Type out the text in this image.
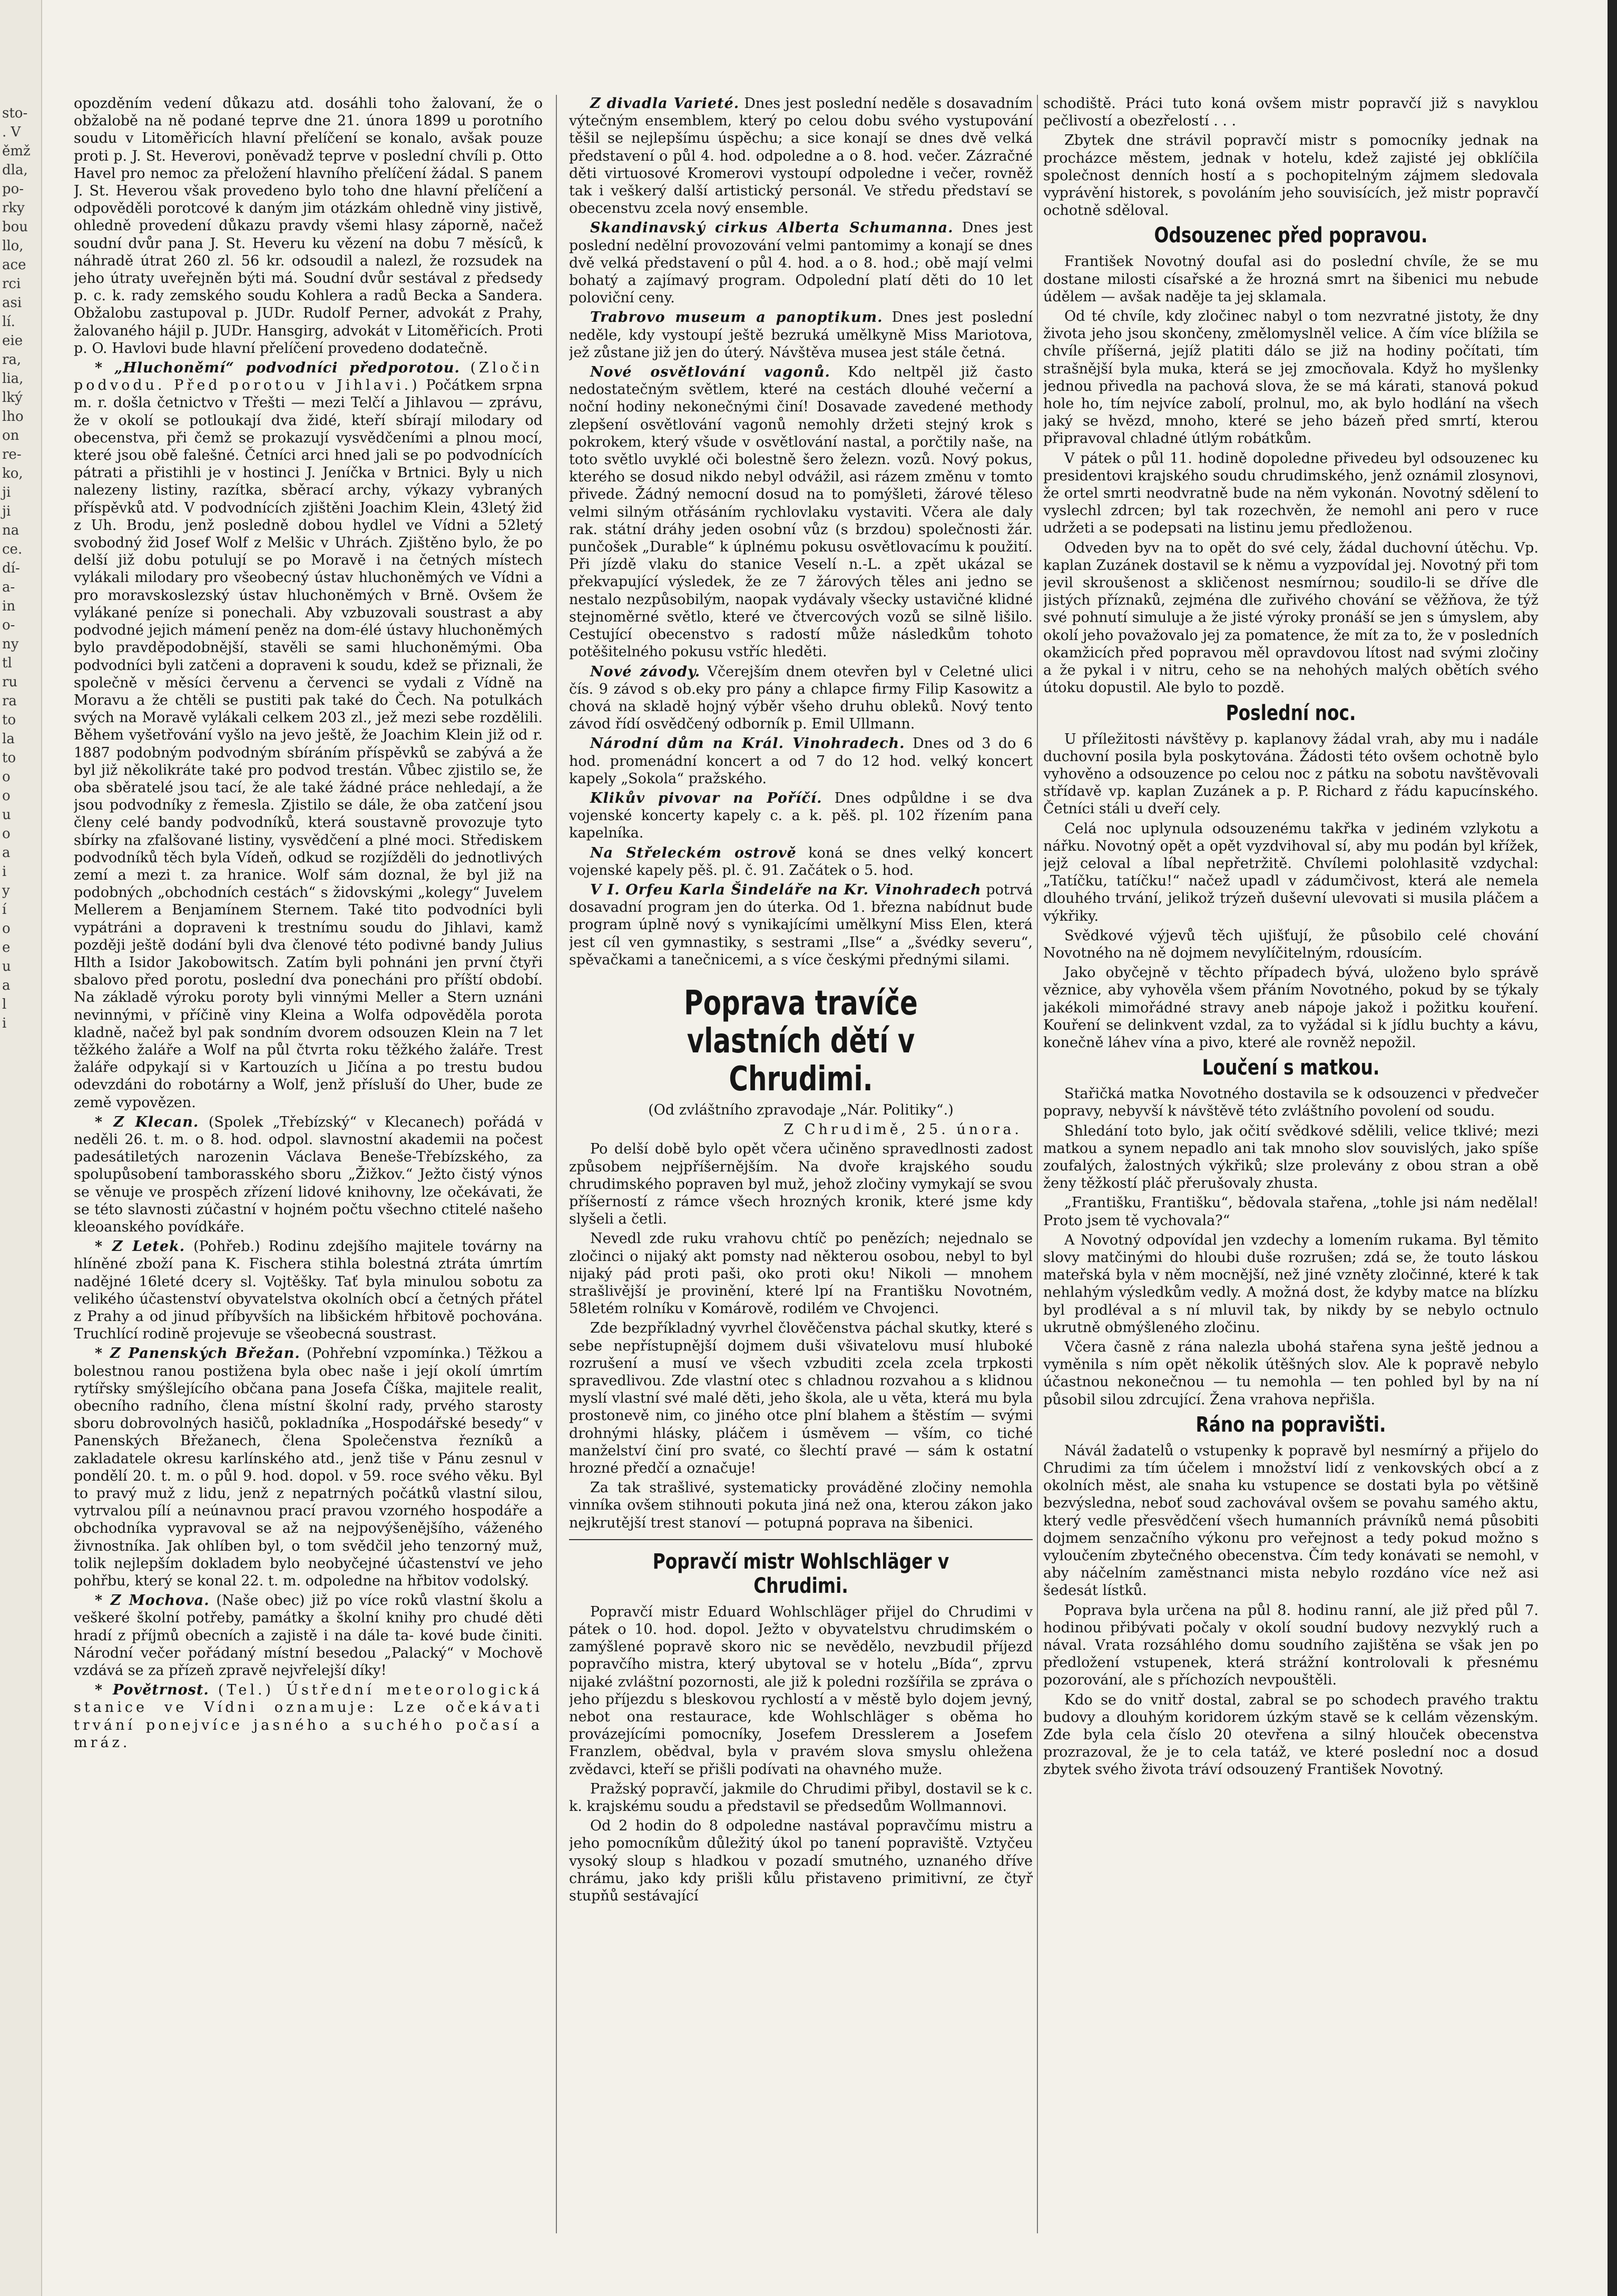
sto-
. V
ěmž
dla,
po-
rky
bou
llo,
ace
rci
asi
lí.
eie
ra,
lia,
lký
lho
on
re-
ko,
ji
ji
na
ce.
dí-
a-
in
o-
ny
tl
ru
ra
to
la
to
o
o
u
o
a
i
y
í
o
e
u
a
l
i

opozděním vedení důkazu atd. dosáhli toho žalovaní, že o obžalobě na ně podané teprve dne 21. února 1899 u porotního soudu v Litoměřicích hlavní přelíčení se konalo, avšak pouze proti p. J. St. Heverovi, poněvadž teprve v poslední chvíli p. Otto Havel pro nemoc za přeložení hlavního přelíčení žádal. S panem J. St. Heverou však provedeno bylo toho dne hlavní přelíčení a odpověděli porotcové k daným jim otázkám ohledně viny jistivě, ohledně provedení důkazu pravdy všemi hlasy záporně, načež soudní dvůr pana J. St. Heveru ku vězení na dobu 7 měsíců, k náhradě útrat 260 zl. 56 kr. odsoudil a nalezl, že rozsudek na jeho útraty uveřejněn býti má. Soudní dvůr sestával z předsedy p. c. k. rady zemského soudu Kohlera a radů Becka a Sandera. Obžalobu zastupoval p. JUDr. Rudolf Perner, advokát z Prahy, žalovaného hájil p. JUDr. Hansgirg, advokát v Litoměřicích. Proti p. O. Havlovi bude hlavní přelíčení provedeno dodatečně.

* „Hluchoněmí“ podvodníci předporotou. (Zločin podvodu. Před porotou v Jihlavi.) Počátkem srpna m. r. došla četnictvo v Třešti — mezi Telčí a Jihlavou — zprávu, že v okolí se potloukají dva židé, kteří sbírají milodary od obecenstva, při čemž se prokazují vysvědčeními a plnou mocí, které jsou obě falešné. Četníci arci hned jali se po podvodnících pátrati a přistihli je v hostinci J. Jeníčka v Brtnici. Byly u nich nalezeny listiny, razítka, sběrací archy, výkazy vybraných příspěvků atd. V podvodnících zjištěni Joachim Klein, 43letý žid z Uh. Brodu, jenž posledně dobou hydlel ve Vídni a 52letý svobodný žid Josef Wolf z Melšic v Uhrách. Zjištěno bylo, že po delší již dobu potulují se po Moravě i na četných místech vylákali milodary pro všeobecný ústav hluchoněmých ve Vídni a pro moravskoslezský ústav hluchoněmých v Brně. Ovšem že vylákané peníze si ponechali. Aby vzbuzovali soustrast a aby podvodné jejich mámení peněz na dom-élé ústavy hluchoněmých bylo pravděpodobnější, stavěli se sami hluchoněmými. Oba podvodníci byli zatčeni a dopraveni k soudu, kdež se přiznali, že společně v měsíci červenu a červenci se vydali z Vídně na Moravu a že chtěli se pustiti pak také do Čech. Na potulkách svých na Moravě vylákali celkem 203 zl., jež mezi sebe rozdělili. Během vyšetřování vyšlo na jevo ještě, že Joachim Klein již od r. 1887 podobným podvodným sbíráním příspěvků se zabývá a že byl již několikráte také pro podvod trestán. Vůbec zjistilo se, že oba sběratelé jsou tací, že ale také žádné práce nehledají, a že jsou podvodníky z řemesla. Zjistilo se dále, že oba zatčení jsou členy celé bandy podvodníků, která soustavně provozuje tyto sbírky na zfalšované listiny, vysvědčení a plné moci. Střediskem podvodníků těch byla Vídeň, odkud se rozjížděli do jednotlivých zemí a mezi t. za hranice. Wolf sám doznal, že byl již na podobných „obchodních cestách“ s židovskými „kolegy“ Juvelem Mellerem a Benjamínem Sternem. Také tito podvodníci byli vypátráni a dopraveni k trestnímu soudu do Jihlavi, kamž později ještě dodání byli dva členové této podivné bandy Julius Hlth a Isidor Jakobowitsch. Zatím byli pohnáni jen první čtyři sbalovo před porotu, poslední dva ponecháni pro příští období. Na základě výroku poroty byli vinnými Meller a Stern uznáni nevinnými, v příčině viny Kleina a Wolfa odpověděla porota kladně, načež byl pak sondním dvorem odsouzen Klein na 7 let těžkého žaláře a Wolf na půl čtvrta roku těžkého žaláře. Trest žaláře odpykají si v Kartouzích u Jičína a po trestu budou odevzdáni do robotárny a Wolf, jenž přísluší do Uher, bude ze země vypovězen.

* Z Klecan. (Spolek „Třebízský“ v Klecanech) pořádá v neděli 26. t. m. o 8. hod. odpol. slavnostní akademii na počest padesátiletých narozenin Václava Beneše-Třebízského, za spolupůsobení tamborasského sboru „Žižkov.“ Ježto čistý výnos se věnuje ve prospěch zřízení lidové knihovny, lze očekávati, že se této slavnosti zúčastní v hojném počtu všechno ctitelé našeho kleoanského povídkáře.

* Z Letek. (Pohřeb.) Rodinu zdejšího majitele továrny na hlíněné zboží pana K. Fischera stihla bolestná ztráta úmrtím nadějné 16leté dcery sl. Vojtěšky. Tať byla minulou sobotu za velikého účastenství obyvatelstva okolních obcí a četných přátel z Prahy a od jinud příbyvších na libšickém hřbitově pochována. Truchlící rodině projevuje se všeobecná soustrast.

* Z Panenských Břežan. (Pohřební vzpomínka.) Těžkou a bolestnou ranou postižena byla obec naše i její okolí úmrtím rytířsky smýšlejícího občana pana Josefa Číška, majitele realit, obecního radního, člena místní školní rady, prvého starosty sboru dobrovolných hasičů, pokladníka „Hospodářské besedy“ v Panenských Břežanech, člena Společenstva řezníků a zakladatele okresu karlínského atd., jenž tiše v Pánu zesnul v pondělí 20. t. m. o půl 9. hod. dopol. v 59. roce svého věku. Byl to pravý muž z lidu, jenž z nepatrných počátků vlastní silou, vytrvalou pílí a neúnavnou prací pravou vzorného hospodáře a obchodníka vypravoval se až na nejpovýšenějšího, váženého živnostníka. Jak ohlíben byl, o tom svědčil jeho tenzorný muž, tolik nejlepším dokladem bylo neobyčejné účastenství ve jeho pohřbu, který se konal 22. t. m. odpoledne na hřbitov vodolský.

* Z Mochova. (Naše obec) již po více roků vlastní školu a veškeré školní potřeby, památky a školní knihy pro chudé děti hradí z příjmů obecních a zajistě i na dále ta- kové bude činiti. Národní večer pořádaný místní besedou „Palacký“ v Mochově vzdává se za přízeň zpravě nejvřelejší díky!

* Povětrnost. (Tel.) Ústřední meteorologická stanice ve Vídni oznamuje: Lze očekávati trvání ponejvíce jasného a suchého počasí a mráz.

Z divadla Varieté. Dnes jest poslední neděle s dosavadním výtečným ensemblem, který po celou dobu svého vystupování těšil se nejlepšímu úspěchu; a sice konají se dnes dvě velká představení o půl 4. hod. odpoledne a o 8. hod. večer. Zázračné děti virtuosové Kromerovi vystoupí odpoledne i večer, rovněž tak i veškerý další artistický personál. Ve středu představí se obecenstvu zcela nový ensemble.

Skandinavský cirkus Alberta Schumanna. Dnes jest poslední nedělní provozování velmi pantomimy a konají se dnes dvě velká představení o půl 4. hod. a o 8. hod.; obě mají velmi bohatý a zajímavý program. Odpolední platí děti do 10 let poloviční ceny.

Trabrovo museum a panoptikum. Dnes jest poslední neděle, kdy vystoupí ještě bezruká umělkyně Miss Mariotova, jež zůstane již jen do úterý. Návštěva musea jest stále četná.

Nové osvětlování vagonů. Kdo neltpěl již často nedostatečným světlem, které na cestách dlouhé večerní a noční hodiny nekonečnými činí! Dosavade zavedené methody zlepšení osvětlování vagonů nemohly držeti stejný krok s pokrokem, který všude v osvětlování nastal, a porčtily naše, na toto světlo uvyklé oči bolestně šero železn. vozů. Nový pokus, kterého se dosud nikdo nebyl odvážil, asi rázem změnu v tomto přivede. Žádný nemocní dosud na to pomýšleti, žárové těleso velmi silným otřásáním rychlovlaku vystaviti. Včera ale daly rak. státní dráhy jeden osobní vůz (s brzdou) společnosti žár. punčošek „Durable“ k úplnému pokusu osvětlovacímu k použití. Při jízdě vlaku do stanice Veselí n.-L. a zpět ukázal se překvapující výsledek, že ze 7 žárových těles ani jedno se nestalo nezpůsobilým, naopak vydávaly všecky ustavičné klidné stejnoměrné světlo, které ve čtvercových vozů se silně lišilo. Cestující obecenstvo s radostí může následkům tohoto potěšitelného pokusu vstříc hleděti.

Nové závody. Včerejším dnem otevřen byl v Celetné ulici čís. 9 závod s ob.eky pro pány a chlapce firmy Filip Kasowitz a chová na skladě hojný výběr všeho druhu obleků. Nový tento závod řídí osvědčený odborník p. Emil Ullmann.

Národní dům na Král. Vinohradech. Dnes od 3 do 6 hod. promenádní koncert a od 7 do 12 hod. velký koncert kapely „Sokola“ pražského.

Klikův pivovar na Poříčí. Dnes odpůldne i se dva vojenské koncerty kapely c. a k. pěš. pl. 102 řízením pana kapelníka.

Na Střeleckém ostrově koná se dnes velký koncert vojenské kapely pěš. pl. č. 91. Začátek o 5. hod.

V I. Orfeu Karla Šindeláře na Kr. Vinohradech potrvá dosavadní program jen do úterka. Od 1. března nabídnut bude program úplně nový s vynikajícími umělkyní Miss Elen, která jest cíl ven gymnastiky, s sestrami „Ilse“ a „švédky severu“, spěvačkami a tanečnicemi, a s více českými přednými silami.

Poprava travíče vlastních dětí v Chrudimi.

(Od zvláštního zpravodaje „Nár. Politiky“.)

Z Chrudimě, 25. února.

Po delší době bylo opět včera učiněno spravedlnosti zadost způsobem nejpříšernějším. Na dvoře krajského soudu chrudimského popraven byl muž, jehož zločiny vymykají se svou příšerností z rámce všech hrozných kronik, které jsme kdy slyšeli a četli.

Nevedl zde ruku vrahovu chtíč po penězích; nejednalo se zločinci o nijaký akt pomsty nad některou osobou, nebyl to byl nijaký pád proti paši, oko proti oku! Nikoli — mnohem strašlivější je provinění, které lpí na Františku Novotném, 58letém rolníku v Komárově, rodilém ve Chvojenci.

Zde bezpříkladný vyvrhel člověčenstva páchal skutky, které s sebe nepřístupnější dojmem duši všivatelovu musí hluboké rozrušení a musí ve všech vzbuditi zcela zcela trpkosti spravedlivou. Zde vlastní otec s chladnou rozvahou a s klidnou myslí vlastní své malé děti, jeho škola, ale u věta, která mu byla prostonevě nim, co jiného otce plní blahem a štěstím — svými drohnými hlásky, pláčem i úsměvem — vším, co tiché manželství činí pro svaté, co šlechtí pravé — sám k ostatní hrozné předčí a označuje!

Za tak strašlivé, systematicky prováděné zločiny nemohla vinníka ovšem stihnouti pokuta jiná než ona, kterou zákon jako nejkrutější trest stanoví — potupná poprava na šibenici.

Popravčí mistr Wohlschläger v Chrudimi.

Popravčí mistr Eduard Wohlschläger přijel do Chrudimi v pátek o 10. hod. dopol. Ježto v obyvatelstvu chrudimském o zamýšlené popravě skoro nic se nevědělo, nevzbudil příjezd popravčího mistra, který ubytoval se v hotelu „Bída“, zprvu nijaké zvláštní pozornosti, ale již k poledni rozšířila se zpráva o jeho příjezdu s bleskovou rychlostí a v městě bylo dojem jevný, nebot ona restaurace, kde Wohlschläger s oběma ho provázejícími pomocníky, Josefem Dresslerem a Josefem Franzlem, obědval, byla v pravém slova smyslu ohležena zvědavci, kteří se přišli podívati na ohavného muže.

Pražský popravčí, jakmile do Chrudimi přibyl, dostavil se k c. k. krajskému soudu a představil se předsedům Wollmannovi.

Od 2 hodin do 8 odpoledne nastával popravčímu mistru a jeho pomocníkům důležitý úkol po tanení popraviště. Vztyčeu vysoký sloup s hladkou v pozadí smutného, uznaného dříve chrámu, jako kdy prišli kůlu přistaveno primitivní, ze čtyř stupňů sestávající

schodiště. Práci tuto koná ovšem mistr popravčí již s navyklou pečlivostí a obezřelostí . . .

Zbytek dne strávil popravčí mistr s pomocníky jednak na procházce městem, jednak v hotelu, kdež zajisté jej obklíčila společnost denních hostí a s pochopitelným zájmem sledovala vyprávění historek, s povoláním jeho souvisících, jež mistr popravčí ochotně sděloval.

Odsouzenec před popravou.

František Novotný doufal asi do poslední chvíle, že se mu dostane milosti císařské a že hrozná smrt na šibenici mu nebude údělem — avšak naděje ta jej sklamala.

Od té chvíle, kdy zločinec nabyl o tom nezvratné jistoty, že dny života jeho jsou skončeny, změlomyslněl velice. A čím více blížila se chvíle příšerná, jejíž platiti dálo se již na hodiny počítati, tím strašnější byla muka, která se jej zmocňovala. Když ho myšlenky jednou přivedla na pachová slova, že se má kárati, stanová pokud hole ho, tím nejvíce zabolí, prolnul, mo, ak bylo hodlání na všech jaký se hvězd, mnoho, které se jeho bázeň před smrtí, kterou připravoval chladné útlým robátkům.

V pátek o půl 11. hodině dopoledne přivedeu byl odsouzenec ku presidentovi krajského soudu chrudimského, jenž oznámil zlosynovi, že ortel smrti neodvratně bude na něm vykonán. Novotný sdělení to vyslechl zdrcen; byl tak rozechvěn, že nemohl ani pero v ruce udržeti a se podepsati na listinu jemu předloženou.

Odveden byv na to opět do své cely, žádal duchovní útěchu. Vp. kaplan Zuzánek dostavil se k němu a vyzpovídal jej. Novotný při tom jevil skroušenost a skličenost nesmírnou; soudilo-li se dříve dle jistých příznaků, zejména dle zuřivého chování se věžňova, že týž své pohnutí simuluje a že jisté výroky pronáší se jen s úmyslem, aby okolí jeho považovalo jej za pomatence, že mít za to, že v posledních okamžicích před popravou měl opravdovou lítost nad svými zločiny a že pykal i v nitru, ceho se na nehohých malých obětích svého útoku dopustil. Ale bylo to pozdě.

Poslední noc.

U příležitosti návštěvy p. kaplanovy žádal vrah, aby mu i nadále duchovní posila byla poskytována. Žádosti této ovšem ochotně bylo vyhověno a odsouzence po celou noc z pátku na sobotu navštěvovali střídavě vp. kaplan Zuzánek a p. P. Richard z řádu kapucínského. Četníci stáli u dveří cely.

Celá noc uplynula odsouzenému takřka v jediném vzlykotu a nářku. Novotný opět a opět vyzdvihoval sí, aby mu podán byl křížek, jejž celoval a líbal nepřetržitě. Chvílemi polohlasitě vzdychal: „Tatíčku, tatíčku!“ načež upadl v zádumčivost, která ale nemela dlouhého trvání, jelikož trýzeň duševní ulevovati si musila pláčem a výkřiky.

Svědkové výjevů těch ujišťují, že působilo celé chování Novotného na ně dojmem nevylíčitelným, rdousícím.

Jako obyčejně v těchto případech bývá, uloženo bylo správě věznice, aby vyhověla všem přáním Novotného, pokud by se týkaly jakékoli mimořádné stravy aneb nápoje jakož i požitku kouření. Kouření se delinkvent vzdal, za to vyžádal si k jídlu buchty a kávu, konečně láhev vína a pivo, které ale rovněž nepožil.

Loučení s matkou.

Stařičká matka Novotného dostavila se k odsouzenci v předvečer popravy, nebyvší k návštěvě této zvláštního povolení od soudu.

Shledání toto bylo, jak očití svědkové sdělili, velice tklivé; mezi matkou a synem nepadlo ani tak mnoho slov souvislých, jako spíše zoufalých, žalostných výkřiků; slze prolevány z obou stran a obě ženy těžkostí pláč přerušovaly zhusta.

„Františku, Františku“, bědovala stařena, „tohle jsi nám nedělal! Proto jsem tě vychovala?“

A Novotný odpovídal jen vzdechy a lomením rukama. Byl těmito slovy matčinými do hloubi duše rozrušen; zdá se, že touto láskou mateřská byla v něm mocnější, než jiné vzněty zločinné, které k tak nehlahým výsledkům vedly. A možná dost, že kdyby matce na blízku byl prodléval a s ní mluvil tak, by nikdy by se nebylo octnulo ukrutně obmýšleného zločinu.

Včera časně z rána nalezla ubohá stařena syna ještě jednou a vyměnila s ním opět několik útěšných slov. Ale k popravě nebylo účastnou nekonečnou — tu nemohla — ten pohled byl by na ní působil silou zdrcující. Žena vrahova nepřišla.

Ráno na popravišti.

Návál žadatelů o vstupenky k popravě byl nesmírný a přijelo do Chrudimi za tím účelem i množství lidí z venkovských obcí a z okolních měst, ale snaha ku vstupence se dostati byla po většině bezvýsledna, neboť soud zachovával ovšem se povahu samého aktu, který vedle přesvědčení všech humanních právníků nemá působiti dojmem senzačního výkonu pro veřejnost a tedy pokud možno s vyloučením zbytečného obecenstva. Čím tedy konávati se nemohl, v aby náčelním zaměstnanci mista nebylo rozdáno více než asi šedesát lístků.

Poprava byla určena na půl 8. hodinu ranní, ale již před půl 7. hodinou přibývati počaly v okolí soudní budovy nezvyklý ruch a nával. Vrata rozsáhlého domu soudního zajištěna se však jen po předložení vstupenek, která strážní kontrolovali k přesnému pozorování, ale s příchozích nevpouštěli.

Kdo se do vnitř dostal, zabral se po schodech pravého traktu budovy a dlouhým koridorem úzkým stavě se k cellám vězenským. Zde byla cela číslo 20 otevřena a silný hlouček obecenstva prozrazoval, že je to cela tatáž, ve které poslední noc a dosud zbytek svého života tráví odsouzený František Novotný.
